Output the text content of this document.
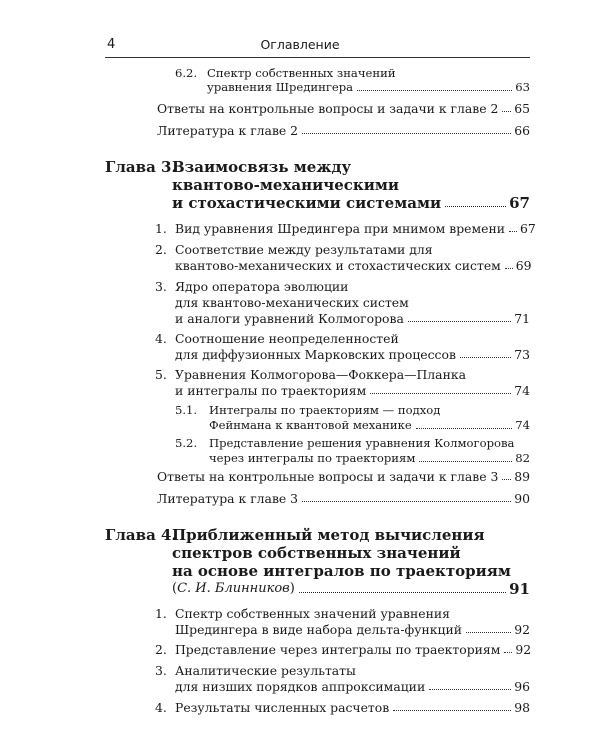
4	Оглавление
6.2. Спектр собственных значений
уравнения Шредингера	63
Ответы на контрольные вопросы и задачи к главе 2 65
Литература к главе 2	66
Глава 3.
Взаимосвязь между
квантово-механическими
и стохастическими системами	67
1. Вид уравнения Шредингера при мнимом времени 67
2. Соответствие между результатами для
квантово-механических и стохастических систем 69
3. Ядро оператора эволюции
для квантово-механических систем
и аналоги уравнений Колмогорова	71
4. Соотношение неопределенностей
для диффузионных Марковских процессов	73
5. Уравнения Колмогорова—Фоккера—Планка
и интегралы по траекториям	74
5.1. Интегралы по траекториям — подход
Фейнмана к квантовой механике	74
5.2. Представление решения уравнения Колмогорова
через интегралы по траекториям	82
Ответы на контрольные вопросы и задачи к главе 3 89
Литература к главе 3	90
Глава 4.
Приближенный метод вычисления
спектров собственных значений
на основе интегралов по траекториям
(С. И. Блинников)	91
1. Спектр собственных значений уравнения
Шредингера в виде набора дельта-функций	92
2. Представление через интегралы по траекториям 92
3. Аналитические результаты
для низших порядков аппроксимации	96
4. Результаты численных расчетов	98
